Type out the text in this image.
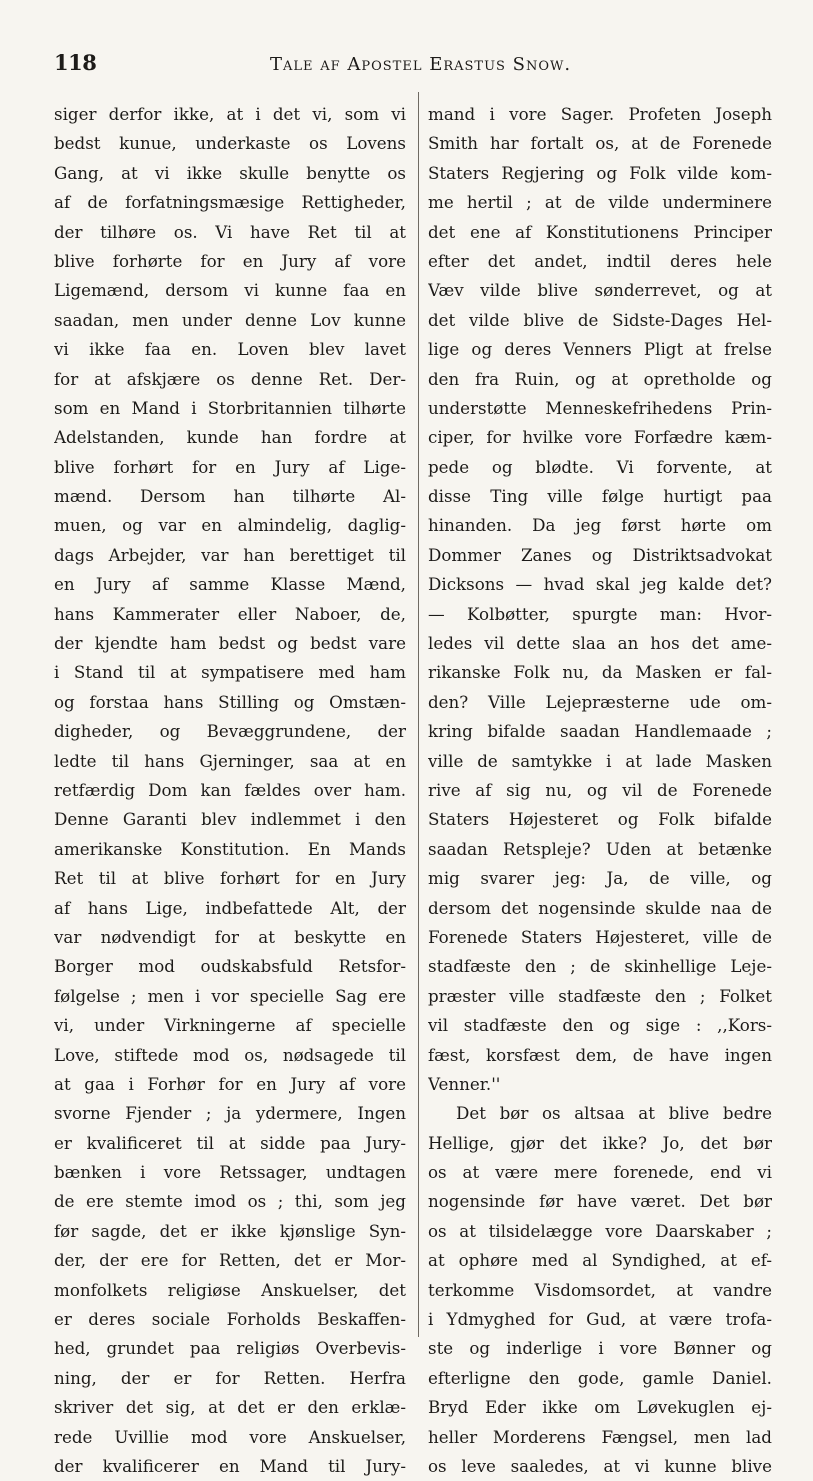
118	Tale af Apostel Erastus Snow.
siger derfor ikke, at i det vi, som vi
bedst kunue, underkaste os Lovens
Gang, at vi ikke skulle benytte os
af de forfatningsmæsige Rettigheder,
der tilhøre os. Vi have Ret til at
blive forhørte for en Jury af vore
Ligemænd, dersom vi kunne faa en
saadan, men under denne Lov kunne
vi ikke faa en. Loven blev lavet
for at afskjære os denne Ret. Der-
som en Mand i Storbritannien tilhørte
Adelstanden, kunde han fordre at
blive forhørt for en Jury af Lige-
mænd. Dersom han tilhørte Al-
muen, og var en almindelig, daglig-
dags Arbejder, var han berettiget til
en Jury af samme Klasse Mænd,
hans Kammerater eller Naboer, de,
der kjendte ham bedst og bedst vare
i Stand til at sympatisere med ham
og forstaa hans Stilling og Omstæn-
digheder, og Bevæggrundene, der
ledte til hans Gjerninger, saa at en
retfærdig Dom kan fældes over ham.
Denne Garanti blev indlemmet i den
amerikanske Konstitution. En Mands
Ret til at blive forhørt for en Jury
af hans Lige, indbefattede Alt, der
var nødvendigt for at beskytte en
Borger mod oudskabsfuld Retsfor-
følgelse ; men i vor specielle Sag ere
vi, under Virkningerne af specielle
Love, stiftede mod os, nødsagede til
at gaa i Forhør for en Jury af vore
svorne Fjender ; ja ydermere, Ingen
er kvalificeret til at sidde paa Jury-
bænken i vore Retssager, undtagen
de ere stemte imod os ; thi, som jeg
før sagde, det er ikke kjønslige Syn-
der, der ere for Retten, det er Mor-
monfolkets religiøse Anskuelser, det
er deres sociale Forholds Beskaffen-
hed, grundet paa religiøs Overbevis-
ning, der er for Retten. Herfra
skriver det sig, at det er den erklæ-
rede Uvillie mod vore Anskuelser,
der kvalificerer en Mand til Jury-
mand i vore Sager. Profeten Joseph
Smith har fortalt os, at de Forenede
Staters Regjering og Folk vilde kom-
me hertil ; at de vilde underminere
det ene af Konstitutionens Principer
efter det andet, indtil deres hele
Væv vilde blive sønderrevet, og at
det vilde blive de Sidste-Dages Hel-
lige og deres Venners Pligt at frelse
den fra Ruin, og at opretholde og
understøtte Menneskefrihedens Prin-
ciper, for hvilke vore Forfædre kæm-
pede og blødte. Vi forvente, at
disse Ting ville følge hurtigt paa
hinanden. Da jeg først hørte om
Dommer Zanes og Distriktsadvokat
Dicksons — hvad skal jeg kalde det?
— Kolbøtter, spurgte man: Hvor-
ledes vil dette slaa an hos det ame-
rikanske Folk nu, da Masken er fal-
den? Ville Lejepræsterne ude om-
kring bifalde saadan Handlemaade ;
ville de samtykke i at lade Masken
rive af sig nu, og vil de Forenede
Staters Højesteret og Folk bifalde
saadan Retspleje? Uden at betænke
mig svarer jeg: Ja, de ville, og
dersom det nogensinde skulde naa de
Forenede Staters Højesteret, ville de
stadfæste den ; de skinhellige Leje-
præster ville stadfæste den ; Folket
vil stadfæste den og sige : ,,Kors-
fæst, korsfæst dem, de have ingen
Venner.''
Det bør os altsaa at blive bedre
Hellige, gjør det ikke? Jo, det bør
os at være mere forenede, end vi
nogensinde før have været. Det bør
os at tilsidelægge vore Daarskaber ;
at ophøre med al Syndighed, at ef-
terkomme Visdomsordet, at vandre
i Ydmyghed for Gud, at være trofa-
ste og inderlige i vore Bønner og
efterligne den gode, gamle Daniel.
Bryd Eder ikke om Løvekuglen ej-
heller Morderens Fængsel, men lad
os leve saaledes, at vi kunne blive
